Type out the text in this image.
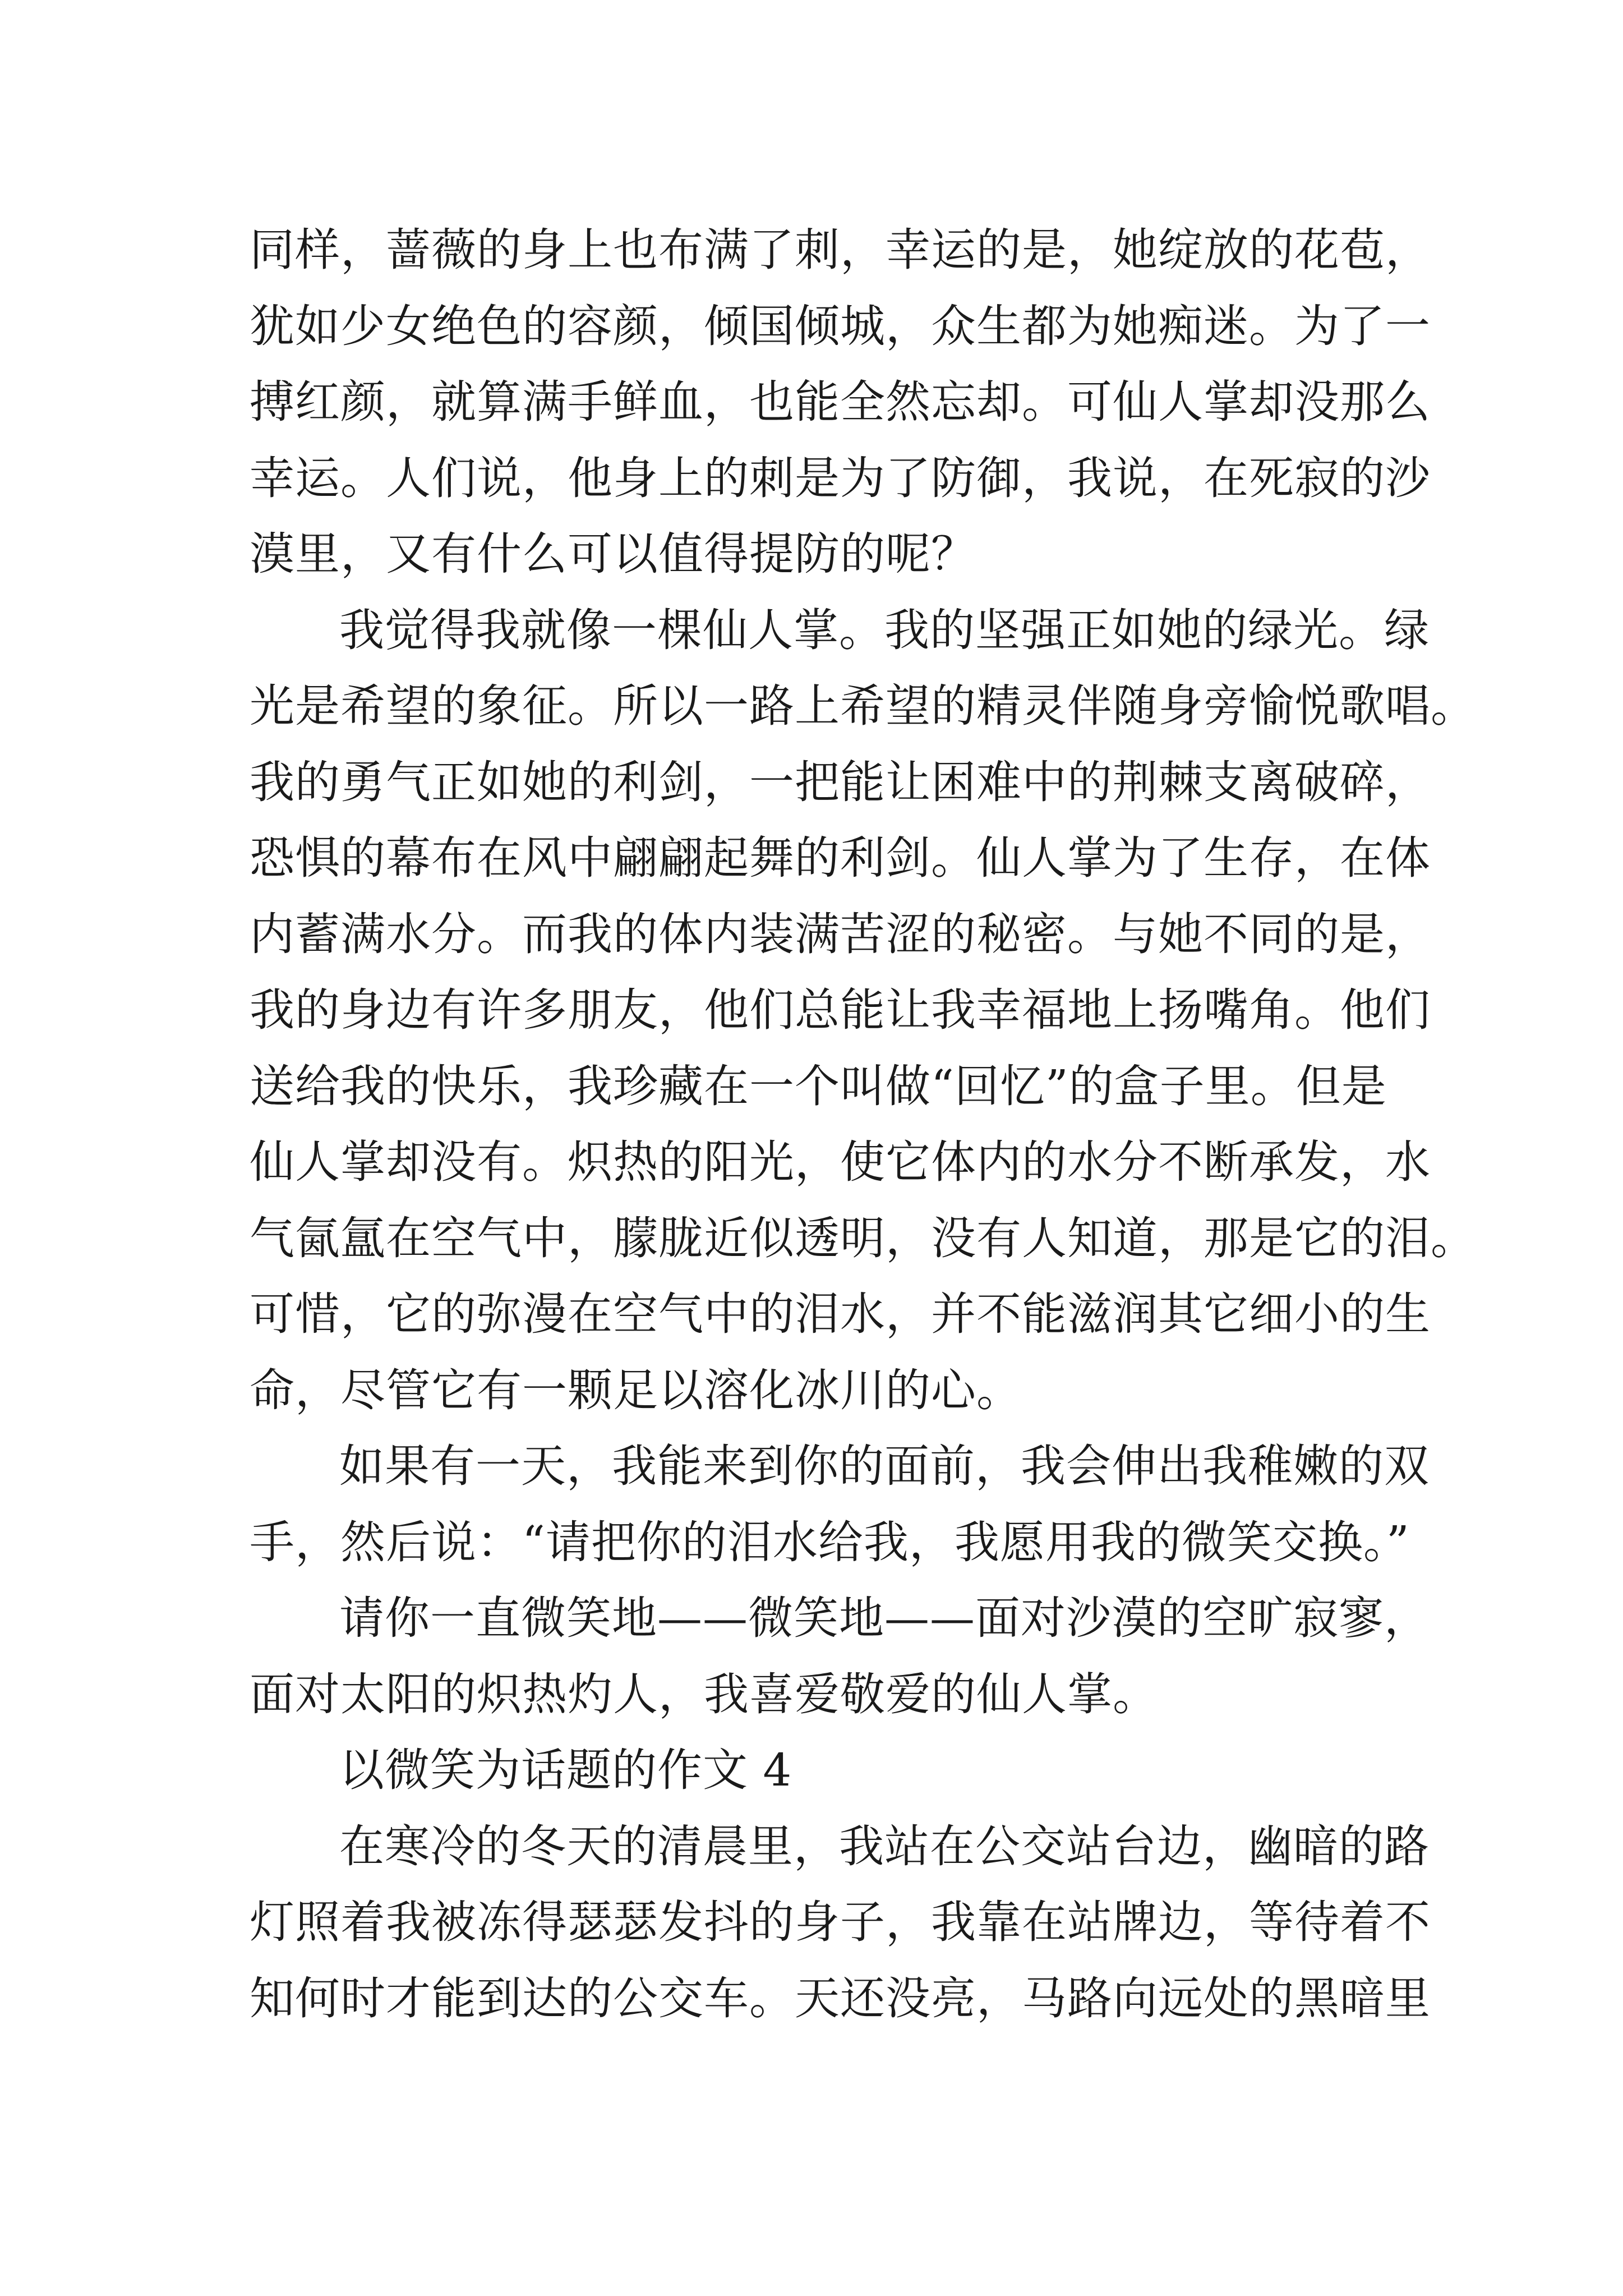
同样，蔷薇的身上也布满了刺，幸运的是，她绽放的花苞，
犹如少女绝色的容颜，倾国倾城，众生都为她痴迷。为了一
搏红颜，就算满手鲜血，也能全然忘却。可仙人掌却没那么
幸运。人们说，他身上的刺是为了防御，我说，在死寂的沙
漠里，又有什么可以值得提防的呢？
我觉得我就像一棵仙人掌。我的坚强正如她的绿光。绿
光是希望的象征。所以一路上希望的精灵伴随身旁愉悦歌唱。
我的勇气正如她的利剑，一把能让困难中的荆棘支离破碎，
恐惧的幕布在风中翩翩起舞的利剑。仙人掌为了生存，在体
内蓄满水分。而我的体内装满苦涩的秘密。与她不同的是，
我的身边有许多朋友，他们总能让我幸福地上扬嘴角。他们
送给我的快乐，我珍藏在一个叫做“回忆”的盒子里。但是
仙人掌却没有。炽热的阳光，使它体内的水分不断承发，水
气氤氲在空气中，朦胧近似透明，没有人知道，那是它的泪。
可惜，它的弥漫在空气中的泪水，并不能滋润其它细小的生
命，尽管它有一颗足以溶化冰川的心。
如果有一天，我能来到你的面前，我会伸出我稚嫩的双
手，然后说：“请把你的泪水给我，我愿用我的微笑交换。”
请你一直微笑地——微笑地——面对沙漠的空旷寂寥，
面对太阳的炽热灼人，我喜爱敬爱的仙人掌。
以微笑为话题的作文 4
在寒冷的冬天的清晨里，我站在公交站台边，幽暗的路
灯照着我被冻得瑟瑟发抖的身子，我靠在站牌边，等待着不
知何时才能到达的公交车。天还没亮，马路向远处的黑暗里
